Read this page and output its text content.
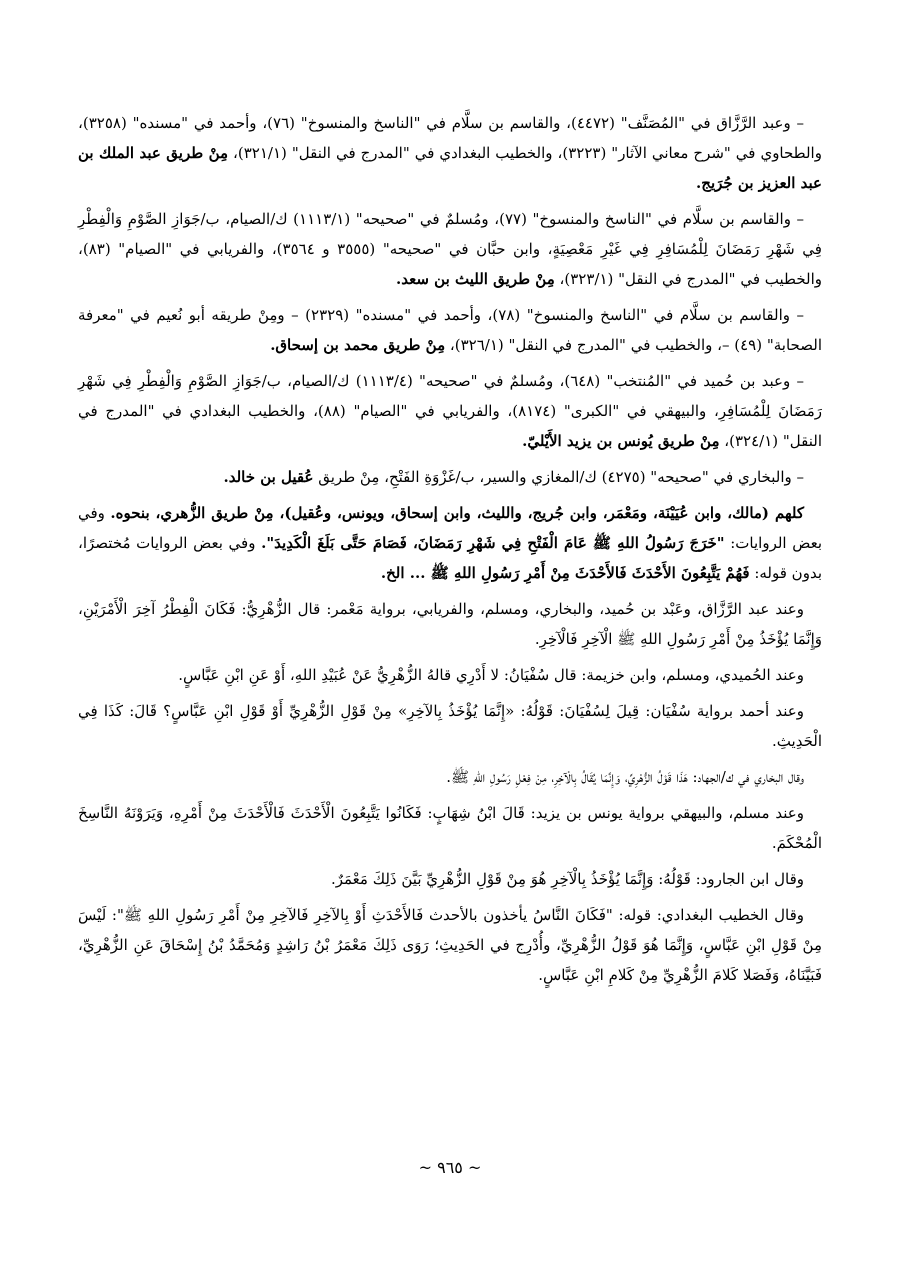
– وعبد الرَّزَّاق في "المُصَنَّف" (٤٤٧٢)، والقاسم بن سلَّام في "الناسخ والمنسوخ" (٧٦)، وأحمد في "مسنده" (٣٢٥٨)، والطحاوي في "شرح معاني الآثار" (٣٢٢٣)، والخطيب البغدادي في "المدرج في النقل" (٣٢١/١)، مِنْ طريق عبد الملك بن عبد العزيز بن جُرَيج.

– والقاسم بن سلَّام في "الناسخ والمنسوخ" (٧٧)، ومُسلمٌ في "صحيحه" (١١١٣/١) ك/الصيام، ب/جَوَازِ الصَّوْمِ وَالْفِطْرِ فِي شَهْرِ رَمَضَانَ لِلْمُسَافِرِ فِي غَيْرِ مَعْصِيَةٍ، وابن حبَّان في "صحيحه" (٣٥٥٥ و ٣٥٦٤)، والفريابي في "الصيام" (٨٣)، والخطيب في "المدرج في النقل" (٣٢٣/١)، مِنْ طريق الليث بن سعد.

– والقاسم بن سلَّام في "الناسخ والمنسوخ" (٧٨)، وأحمد في "مسنده" (٢٣٢٩) – ومِنْ طريقه أبو نُعيم في "معرفة الصحابة" (٤٩) –، والخطيب في "المدرج في النقل" (٣٢٦/١)، مِنْ طريق محمد بن إسحاق.

– وعبد بن حُميد في "المُنتخب" (٦٤٨)، ومُسلمٌ في "صحيحه" (١١١٣/٤) ك/الصيام، ب/جَوَازِ الصَّوْمِ وَالْفِطْرِ فِي شَهْرِ رَمَضَانَ لِلْمُسَافِرِ، والبيهقي في "الكبرى" (٨١٧٤)، والفريابي في "الصيام" (٨٨)، والخطيب البغدادي في "المدرج في النقل" (٣٢٤/١)، مِنْ طريق يُونس بن يزيد الأَيْليّ.

– والبخاري في "صحيحه" (٤٢٧٥) ك/المغازي والسير، ب/غَزْوَةِ الفَتْحِ، مِنْ طريق عُقيل بن خالد.

كلهم (مالك، وابن عُيَيْنَة، ومَعْمَر، وابن جُريج، والليث، وابن إسحاق، ويونس، وعُقيل)، مِنْ طريق الزُّهري، بنحوه. وفي بعض الروايات: "خَرَجَ رَسُولُ اللهِ ﷺ عَامَ الْفَتْحِ فِي شَهْرِ رَمَضَانَ، فَصَامَ حَتَّى بَلَغَ الْكَدِيدَ". وفي بعض الروايات مُختصرًا، بدون قوله: فَهُمْ يَتَّبِعُونَ الأَحْدَثَ فَالأَحْدَثَ مِنْ أَمْرِ رَسُولِ اللهِ ﷺ ... الخ.

وعند عبد الرَّزَّاق، وعَبْد بن حُميد، والبخاري، ومسلم، والفريابي، برواية مَعْمر: قال الزُّهْرِيُّ: فَكَانَ الْفِطْرُ آخِرَ الْأَمْرَيْنِ، وَإِنَّمَا يُؤْخَذُ مِنْ أَمْرِ رَسُولِ اللهِ ﷺ الْآخِرِ فَالْآخِرِ.

وعند الحُميدي، ومسلم، وابن خزيمة: قال سُفْيَانُ: لا أَدْرِي قالهُ الزُّهْرِيُّ عَنْ عُبَيْدِ اللهِ، أَوْ عَنِ ابْنِ عَبَّاسٍ.

وعند أحمد برواية سُفْيَان: قِيلَ لِسُفْيَانَ: قَوْلُهُ: «إِنَّمَا يُؤْخَذُ بِالآخِرِ» مِنْ قَوْلِ الزُّهْرِيِّ أَوْ قَوْلِ ابْنِ عَبَّاسٍ؟ قَالَ: كَذَا فِي الْحَدِيثِ.

وقال البخاري في ك/الجهاد: هَذَا قَوْلُ الزُّهْرِيِّ، وَإِنَّمَا يُقَالُ بِالْآخِرِ، مِنْ فِعْلِ رَسُولِ اللهِ ﷺ.

وعند مسلم، والبيهقي برواية يونس بن يزيد: قَالَ ابْنُ شِهَابٍ: فَكَانُوا يَتَّبِعُونَ الْأَحْدَثَ فَالْأَحْدَثَ مِنْ أَمْرِهِ، وَيَرَوْنَهُ النَّاسِخَ الْمُحْكَمَ.

وقال ابن الجارود: قَوْلُهُ: وَإِنَّمَا يُؤْخَذُ بِالْآخِرِ هُوَ مِنْ قَوْلِ الزُّهْرِيِّ بَيَّنَ ذَلِكَ مَعْمَرٌ.

وقال الخطيب البغدادي: قوله: "فَكَانَ النَّاسُ يأخذون بالأحدث فَالأَحْدَثِ أَوْ بِالآخِرِ فَالآخِرِ مِنْ أَمْرِ رَسُولِ اللهِ ﷺ": لَيْسَ مِنْ قَوْلِ ابْنِ عَبَّاسٍ، وَإِنَّمَا هُوَ قَوْلُ الزُّهْرِيِّ، وأُدْرِج في الحَدِيثِ؛ رَوَى ذَلِكَ مَعْمَرُ بْنُ رَاشِدٍ وَمُحَمَّدُ بْنُ إِسْحَاقَ عَنِ الزُّهْرِيِّ، فَبَيَّنَاهُ، وَفَصَلا كَلامَ الزُّهْرِيِّ مِنْ كَلامِ ابْنِ عَبَّاسٍ.

~ ٩٦٥ ~
